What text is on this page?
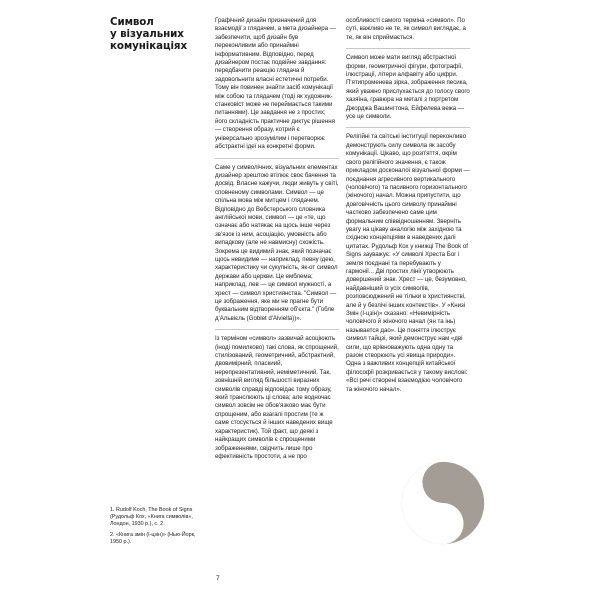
Символ
у візуальних
комунікаціях

Графічний дизайн призначений для взаємодії з глядачем, а мета дизайнера — забезпечити, щоб дизайн був переконливим або принаймні інформативним. Відповідно, перед дизайнером постає подвійне завдання: передбачити реакцію глядача й задовольнити власні естетичні потреби. Тому він повинен знайти засіб комунікації між собою та глядачем (тоді як художник-станковіст може не переймається такими питаннями). Це завдання не з простих; його складність практичне диктує рішення — створення образу, котрий є універсально зрозумілим і перетворює абстрактні ідеї на конкретні форми.

Саме у символічних, візуальних елементах дизайнер зрештою втілює своє бачення та досвід. Власне кажучи, люди живуть у світі, сповненому символами. Символ — це спільна мова між митцем і глядачем. Відповідно до Вебстерського словника англійської мови, символ — це «те, що означає або натякає на щось інше через зв'язок із ним, асоціацію, умовність або випадкову (але не навмисну) схожість. Зокрема це видимий знак, який позначає щось невидиме — наприклад, певну ідею, характеристику чи сукупність, як-от символ держави або церкви. Це емблема; наприклад, лев — це символ мужності, а хрест — символ християнства. "Символ — це зображення, яке ми не прагне бути буквальним відтворенням об'єкта." (Гобле д'Альвієль (Goblet d'Alviella))».

Із терміном «символ» зазвичай асоціюють (іноді помилково) такі слова, як спрощений, стилізований, геометричний, абстрактний, двовимірний, пласкиий, нерепрезентативний, неміметичний. Так, зовнішній вигляд більшості виразних символів справді відповідає тому образу, який транслюють ці слова; але водночас символ зовсім не обов'язково має бути спрощеним, або взагалі простим (те ж саме стосується й інших наведених вище характеристик). Той факт, що деякі з найкращих символів є спрощеними зображеннями, свідчить лише про ефективність простоти, а не про

особливості самого терміна «символ». По суті, важливо не те, як символ виглядає, а те, як він сприймається.

Символ може мати вигляд абстрактної форми, геометричної фігури, фотографії, ілюстрації, літери алфавіту або цифри. П'ятипроменева зірка, зображення песика, який уважно прислухається до голосу свого хазяїна, гравюра на металі з портретом Джорджа Вашингтона, Ейфелева вежа — усе це символи.

Релігійні та світські інституції переконливо демонструють силу символа як засобу комунікації. Цікаво, що розп'яття, окрім свого релігійного значення, є також прикладом досконалої візуальної форми — поєднання агресивного вертикального (чоловічого) та пасивного горизонтального (жіночого) начал. Можна припустити, що довговічність цього символу принаймні частково забезпечено саме цим формальним співвідношенням. Зверніть увагу на цікаву аналогію між західною та східною концепціями в наведених далі цитатах. Рудольф Кох у книжці The Book of Signs зауважує: «У символі Хреста Бог і земля поєднані та перебувають у гармонії... Дві простих лінії утворюють довершений знак. Хрест — це, безумовно, найдавніший із усіх символів, розповсюджений не тільки в християнстві, але й у безлічі інших контекстів». У «Книзі Змін (І-цзін)» сказано: «Невимірність чоловічого й жіночого начал (ян та інь) называется дао». Це поняття ілюструє символ тайцзі, який демонструє нам «дві сили, що врівноважують одна одну та разом створюють усі явища природи». Одна з важливих концепцій китайської філософії розкривається у такому вислові: «Всі речі створені взаємодією чоловічого та жіночого начал».

1. Rudolf Koch, The Book of Signs (Рудольф Кох, «Книга символів», Лондон, 1930 р.), с. 2.

2. «Книга змін (І-цзін)» (Нью-Йорк, 1950 р.).

7
